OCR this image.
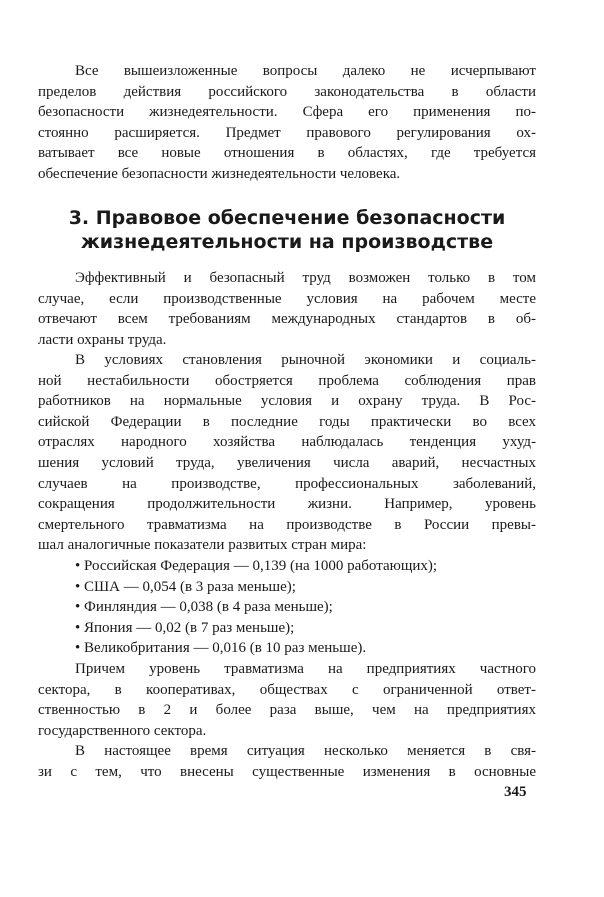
Все вышеизложенные вопросы далеко не исчерпывают
пределов действия российского законодательства в области
безопасности жизнедеятельности. Сфера его применения по-
стоянно расширяется. Предмет правового регулирования ох-
ватывает все новые отношения в областях, где требуется
обеспечение безопасности жизнедеятельности человека.
3. Правовое обеспечение безопасности
жизнедеятельности на производстве
Эффективный и безопасный труд возможен только в том
случае, если производственные условия на рабочем месте
отвечают всем требованиям международных стандартов в об-
ласти охраны труда.
В условиях становления рыночной экономики и социаль-
ной нестабильности обостряется проблема соблюдения прав
работников на нормальные условия и охрану труда. В Рос-
сийской Федерации в последние годы практически во всех
отраслях народного хозяйства наблюдалась тенденция ухуд-
шения условий труда, увеличения числа аварий, несчастных
случаев на производстве, профессиональных заболеваний,
сокращения продолжительности жизни. Например, уровень
смертельного травматизма на производстве в России превы-
шал аналогичные показатели развитых стран мира:
• Российская Федерация — 0,139 (на 1000 работающих);
• США — 0,054 (в 3 раза меньше);
• Финляндия — 0,038 (в 4 раза меньше);
• Япония — 0,02 (в 7 раз меньше);
• Великобритания — 0,016 (в 10 раз меньше).
Причем уровень травматизма на предприятиях частного
сектора, в кооперативах, обществах с ограниченной ответ-
ственностью в 2 и более раза выше, чем на предприятиях
государственного сектора.
В настоящее время ситуация несколько меняется в свя-
зи с тем, что внесены существенные изменения в основные
345
